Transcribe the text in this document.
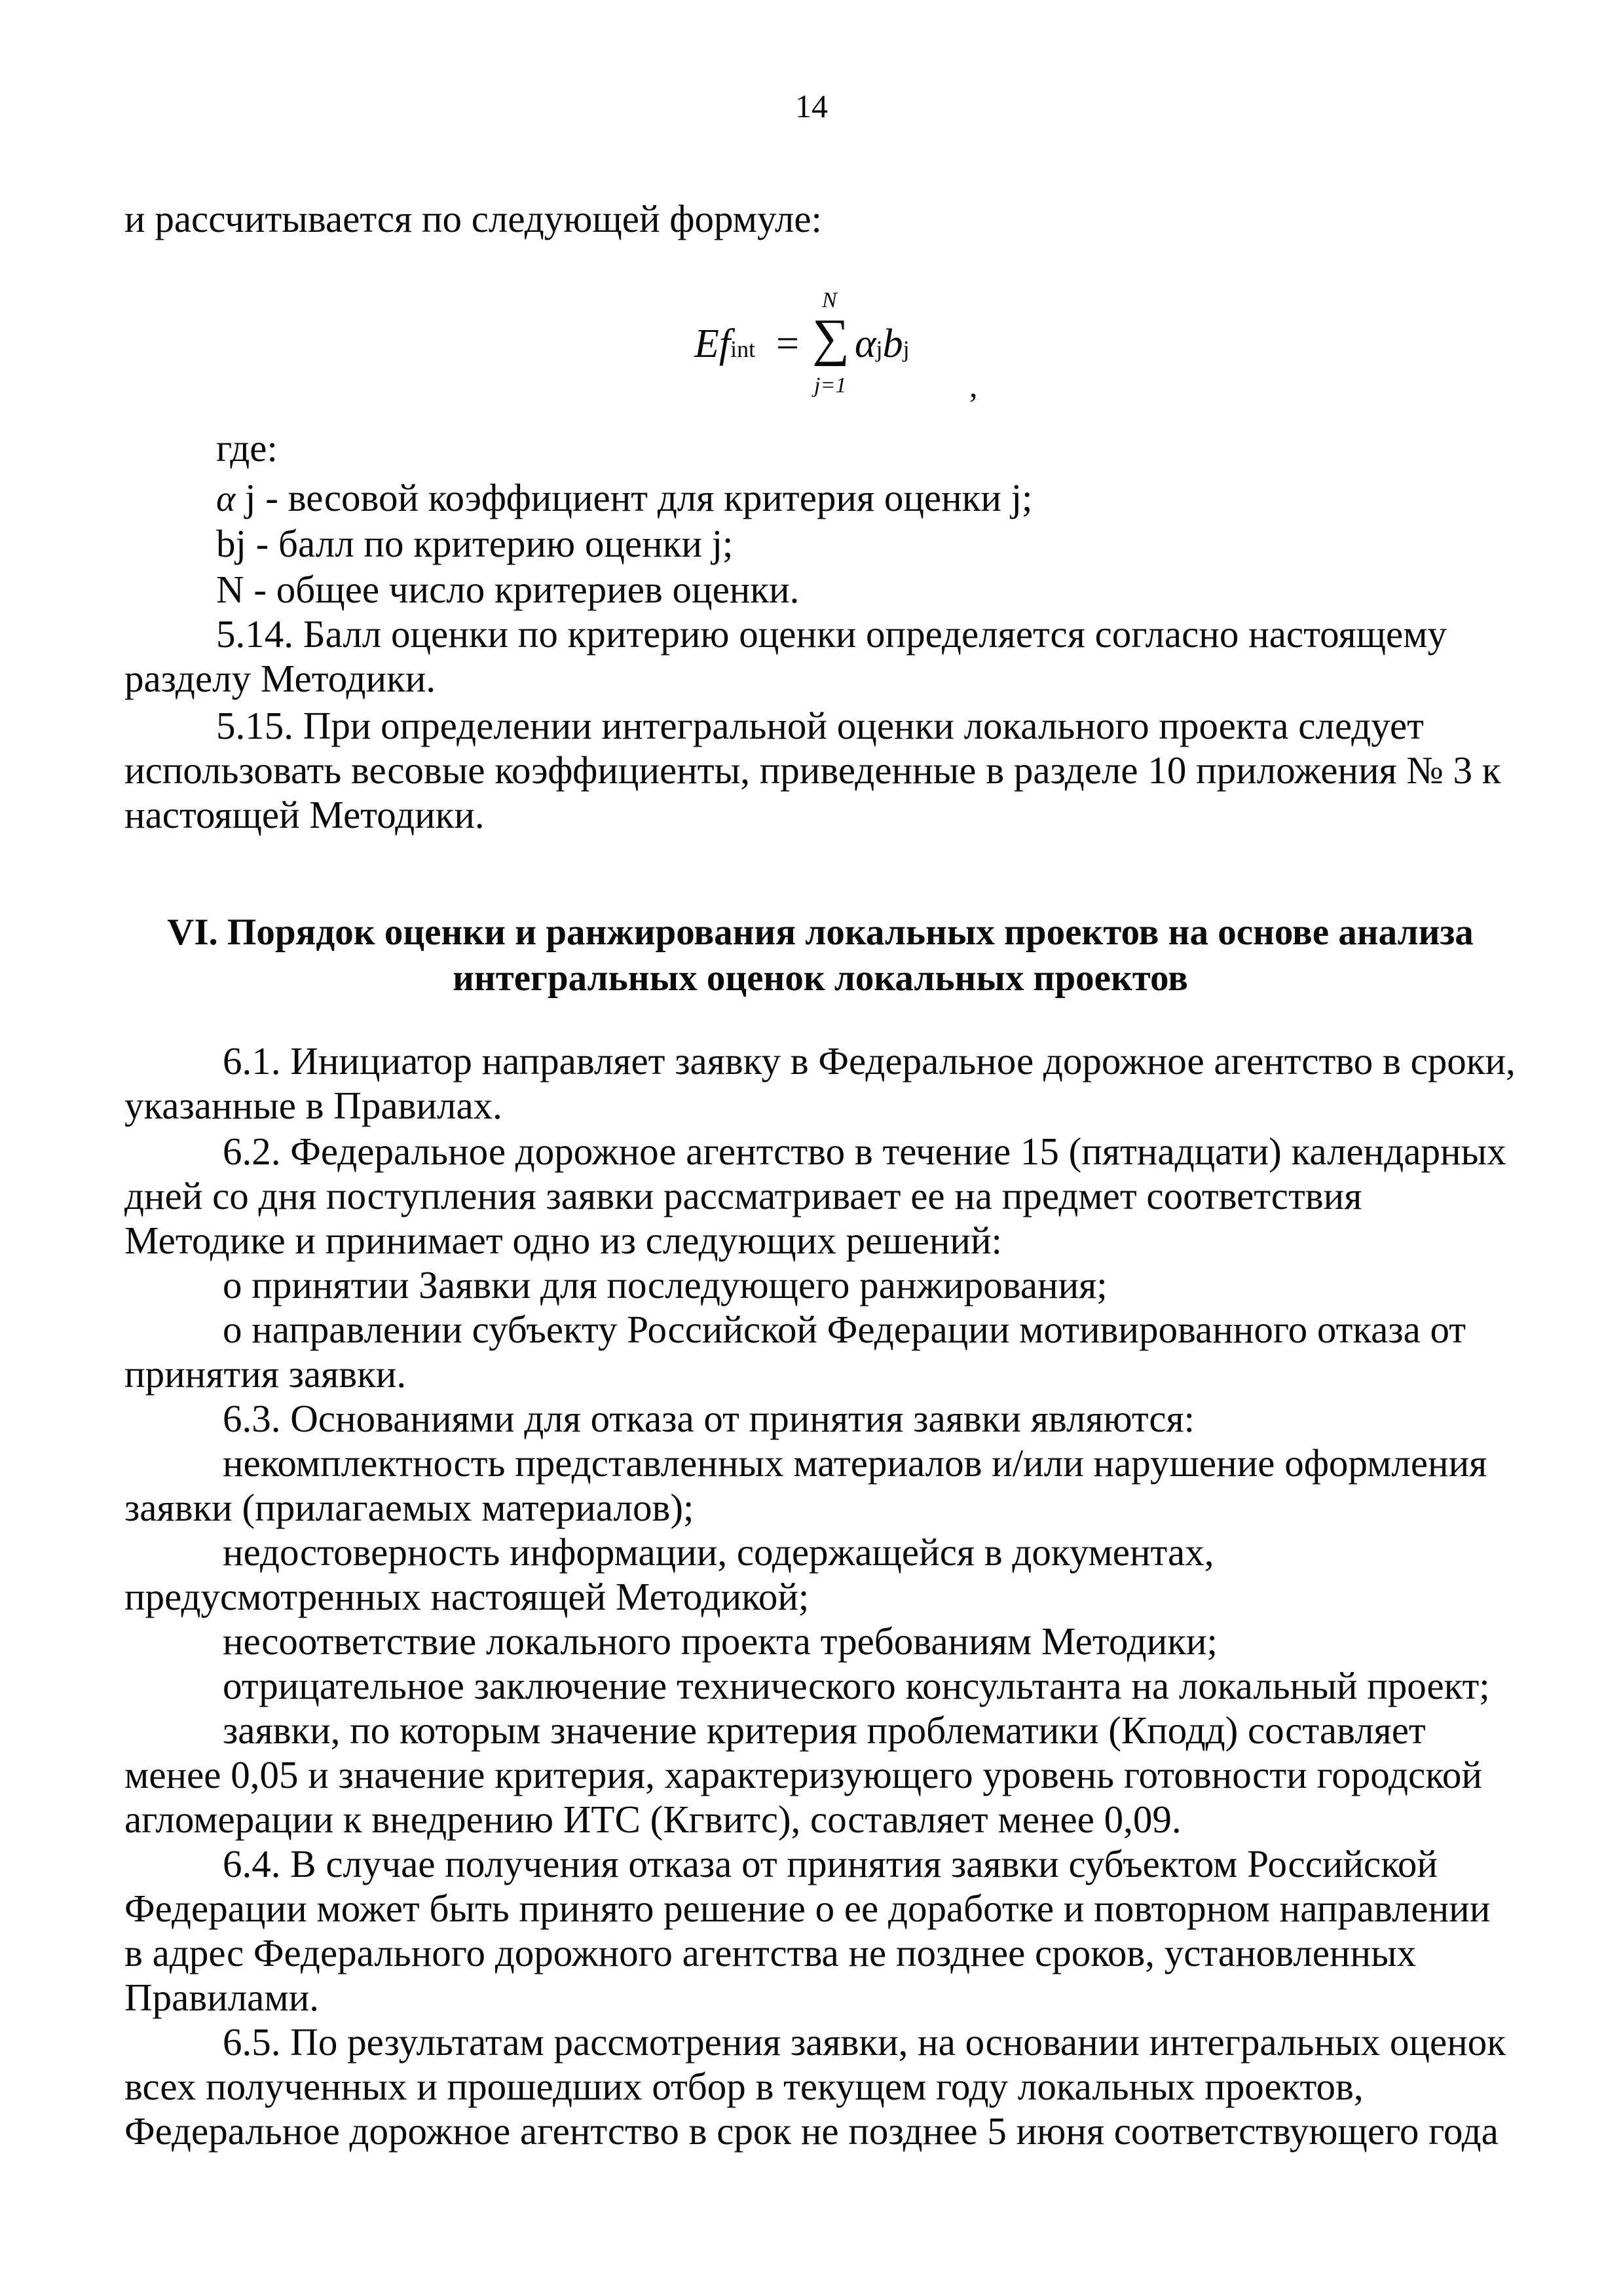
14

и рассчитывается по следующей формуле:

Efint =
N
∑
j=1
αjbj
,

где:

α j - весовой коэффициент для критерия оценки j;

bj - балл по критерию оценки j;

N - общее число критериев оценки.

5.14. Балл оценки по критерию оценки определяется согласно настоящему разделу Методики.

5.15. При определении интегральной оценки локального проекта следует использовать весовые коэффициенты, приведенные в разделе 10 приложения № 3 к настоящей Методики.

VI. Порядок оценки и ранжирования локальных проектов на основе анализа

интегральных оценок локальных проектов

6.1. Инициатор направляет заявку в Федеральное дорожное агентство в сроки, указанные в Правилах.

6.2. Федеральное дорожное агентство в течение 15 (пятнадцати) календарных дней со дня поступления заявки рассматривает ее на предмет соответствия Методике и принимает одно из следующих решений:

о принятии Заявки для последующего ранжирования;

о направлении субъекту Российской Федерации мотивированного отказа от принятия заявки.

6.3. Основаниями для отказа от принятия заявки являются:

некомплектность представленных материалов и/или нарушение оформления заявки (прилагаемых материалов);

недостоверность информации, содержащейся в документах, предусмотренных настоящей Методикой;

несоответствие локального проекта требованиям Методики;

отрицательное заключение технического консультанта на локальный проект;

заявки, по которым значение критерия проблематики (Кподд) составляет менее 0,05 и значение критерия, характеризующего уровень готовности городской агломерации к внедрению ИТС (Кгвитс), составляет менее 0,09.

6.4. В случае получения отказа от принятия заявки субъектом Российской Федерации может быть принято решение о ее доработке и повторном направлении в адрес Федерального дорожного агентства не позднее сроков, установленных Правилами.

6.5. По результатам рассмотрения заявки, на основании интегральных оценок всех полученных и прошедших отбор в текущем году локальных проектов, Федеральное дорожное агентство в срок не позднее 5 июня соответствующего года
